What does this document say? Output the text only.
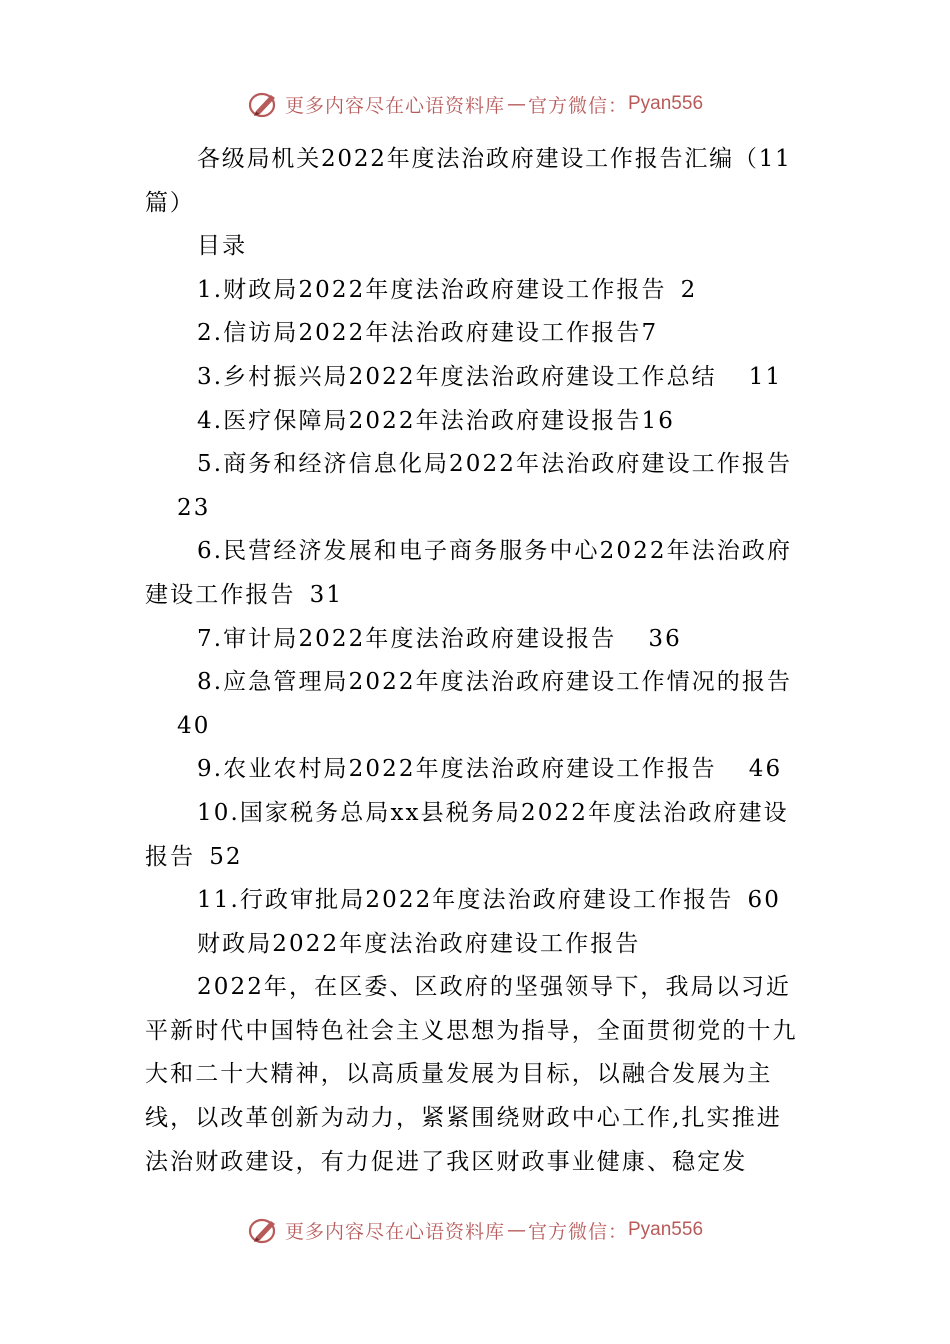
更多内容尽在心语资料库 — 官方微信： Pyan556

各级局机关2022年度法治政府建设工作报告汇编（11篇）

目录

1.财政局2022年度法治政府建设工作报告 2

2.信访局2022年法治政府建设工作报告7

3.乡村振兴局2022年度法治政府建设工作总结 11

4.医疗保障局2022年法治政府建设报告16

5.商务和经济信息化局2022年法治政府建设工作报告
23

6.民营经济发展和电子商务服务中心2022年法治政府建设工作报告 31

7.审计局2022年度法治政府建设报告 36

8.应急管理局2022年度法治政府建设工作情况的报告
40

9.农业农村局2022年度法治政府建设工作报告 46

10.国家税务总局xx县税务局2022年度法治政府建设报告 52

11.行政审批局2022年度法治政府建设工作报告 60

财政局2022年度法治政府建设工作报告

2022年，在区委、区政府的坚强领导下，我局以习近平新时代中国特色社会主义思想为指导，全面贯彻党的十九大和二十大精神，以高质量发展为目标，以融合发展为主线，以改革创新为动力，紧紧围绕财政中心工作,扎实推进法治财政建设，有力促进了我区财政事业健康、稳定发

更多内容尽在心语资料库 — 官方微信： Pyan556
